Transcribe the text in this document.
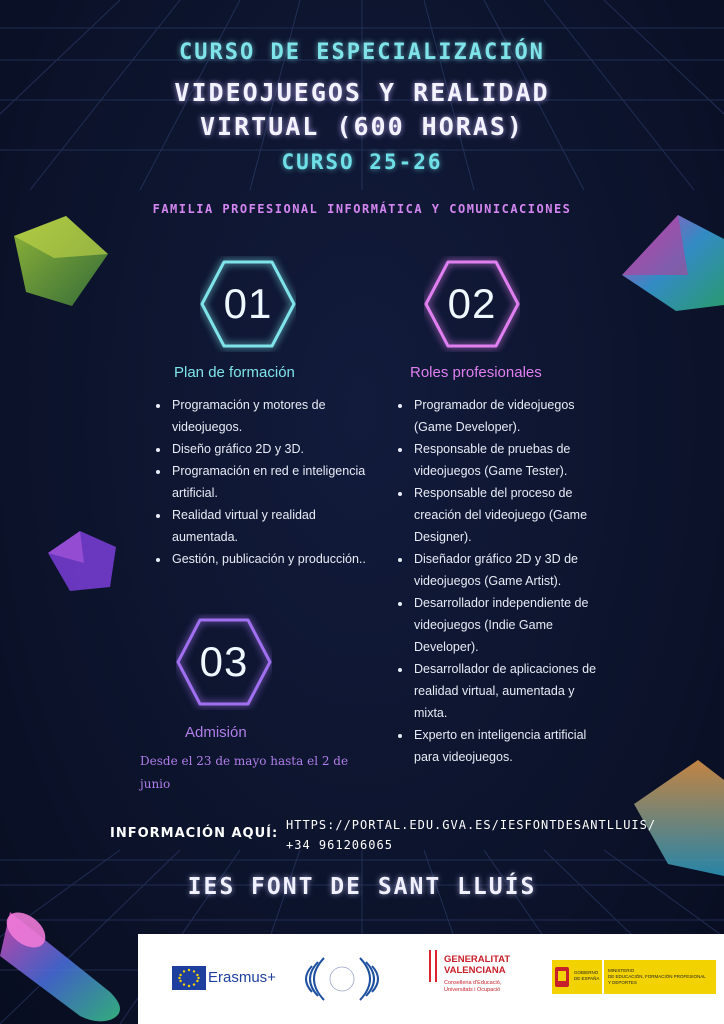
CURSO DE ESPECIALIZACIÓN
VIDEOJUEGOS Y REALIDAD
VIRTUAL (600 HORAS)
CURSO 25-26
FAMILIA PROFESIONAL INFORMÁTICA Y COMUNICACIONES
01	02
Plan de formación	Roles profesionales
• Programación y motores de videojuegos.
• Diseño gráfico 2D y 3D.
• Programación en red e inteligencia artificial.
• Realidad virtual y realidad aumentada.
• Gestión, publicación y producción..
• Programador de videojuegos (Game Developer).
• Responsable de pruebas de videojuegos (Game Tester).
• Responsable del proceso de creación del videojuego (Game Designer).
• Diseñador gráfico 2D y 3D de videojuegos (Game Artist).
• Desarrollador independiente de videojuegos (Indie Game Developer).
• Desarrollador de aplicaciones de realidad virtual, aumentada y mixta.
• Experto en inteligencia artificial para videojuegos.
03
Admisión
Desde el 23 de mayo hasta el 2 de junio
INFORMACIÓN AQUÍ:
HTTPS://PORTAL.EDU.GVA.ES/IESFONTDESANTLLUIS/
+34 961206065
IES FONT DE SANT LLUÍS
Erasmus+
GENERALITAT
VALENCIANA
Conselleria d'Educació,
Universitats i Ocupació
GOBIERNO
DE ESPAÑA
MINISTERIO
DE EDUCACIÓN, FORMACIÓN PROFESIONAL
Y DEPORTES
